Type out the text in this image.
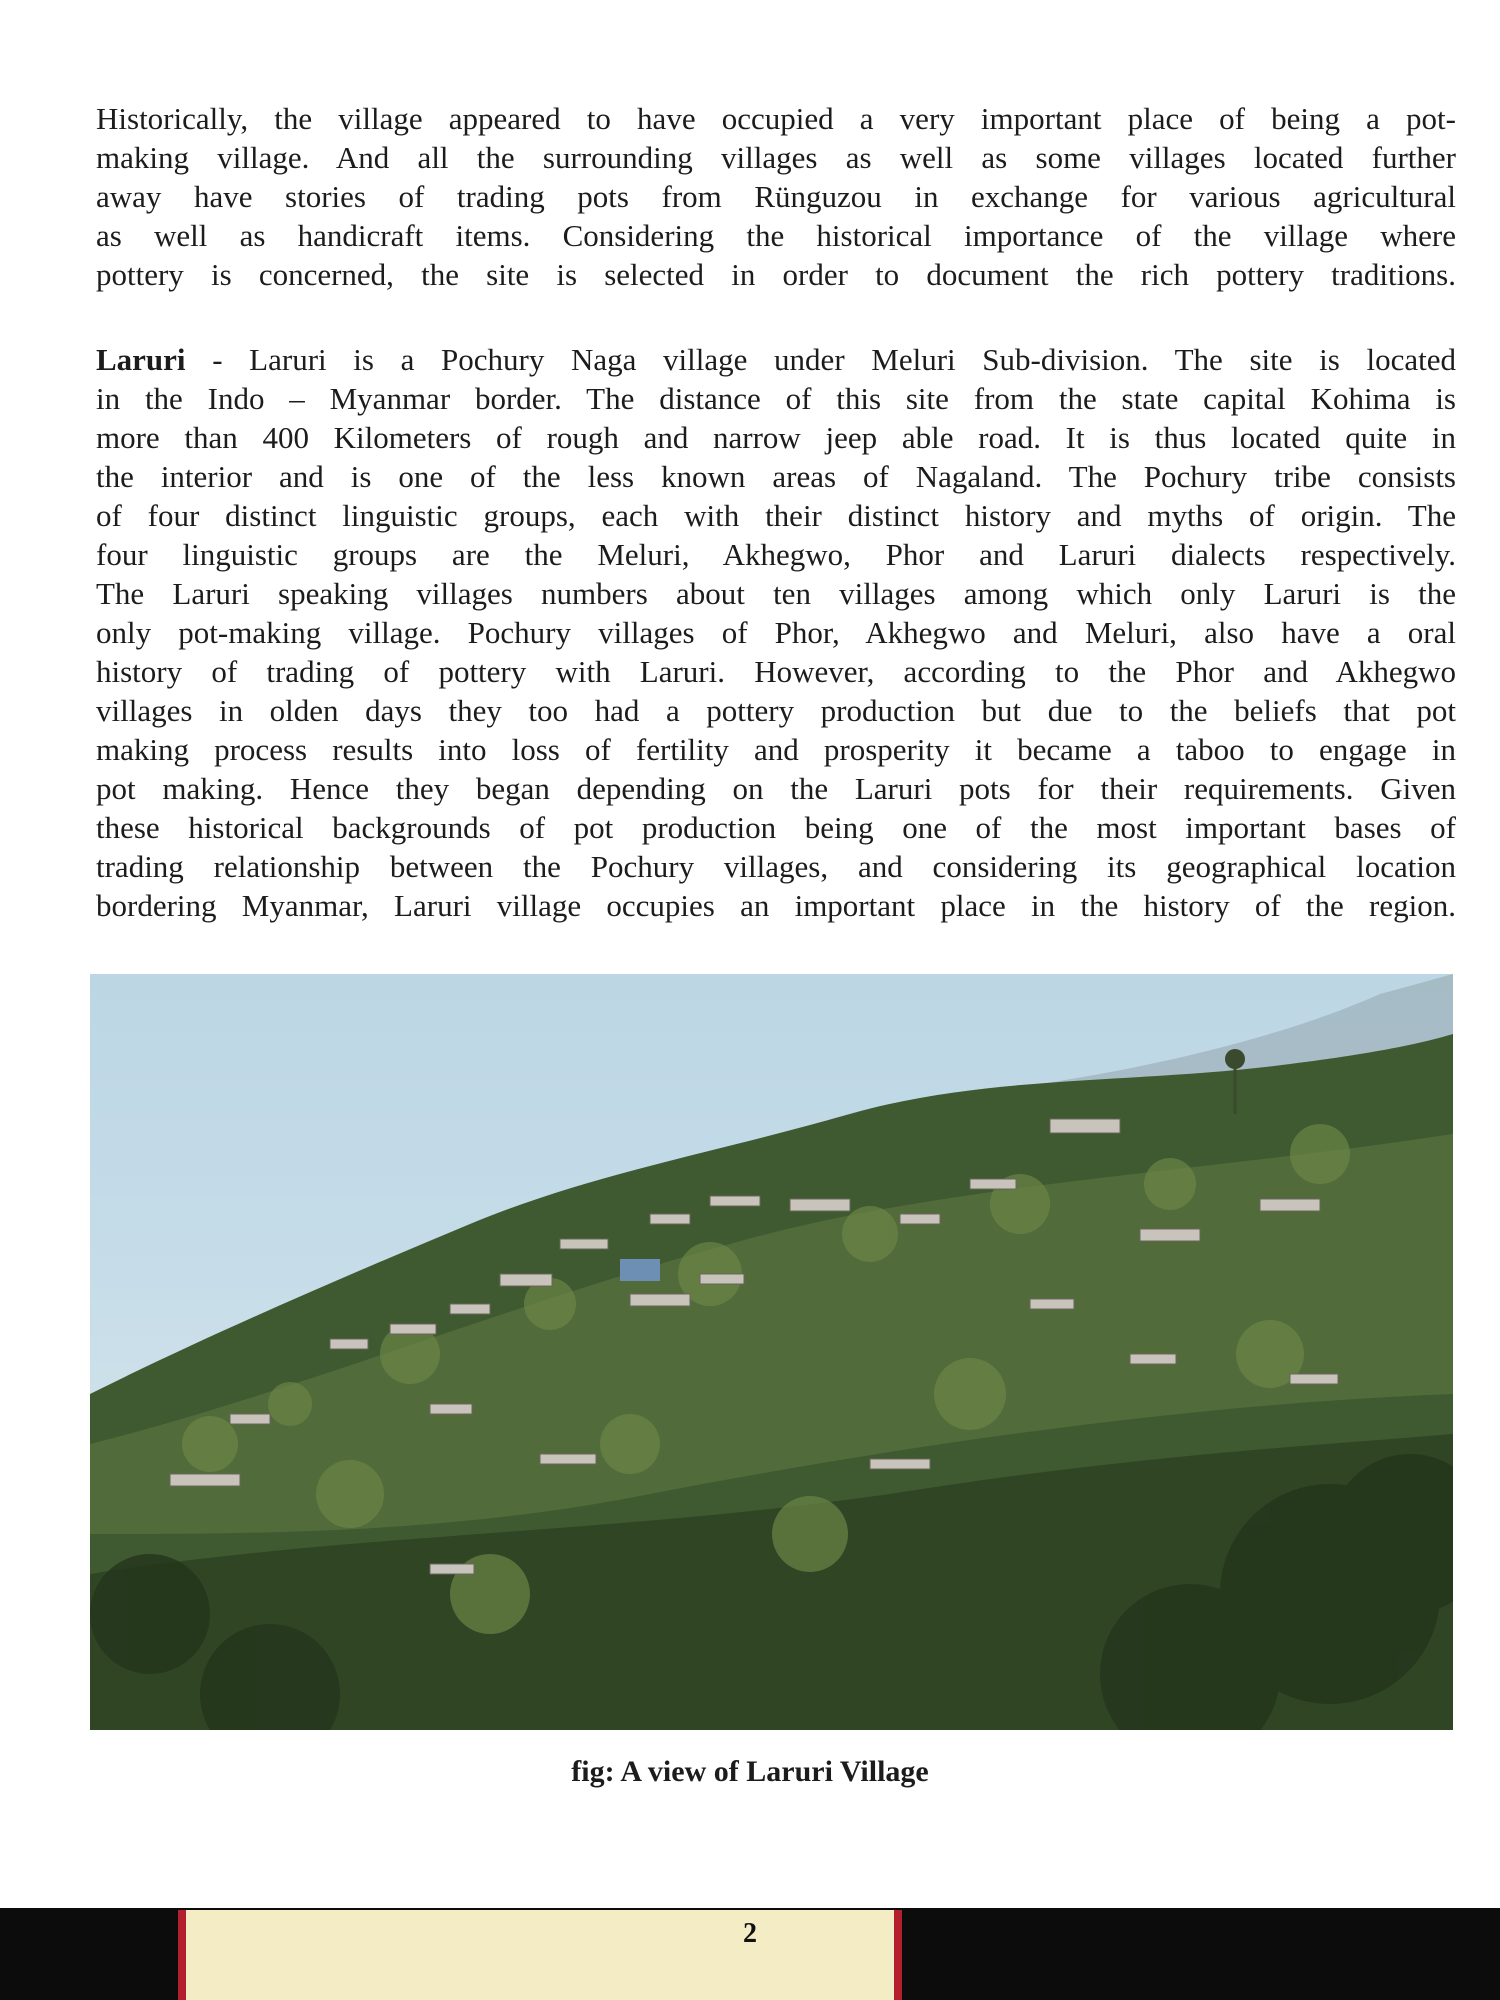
Historically, the village appeared to have occupied a very important place of being a pot-
making village. And all the surrounding villages as well as some villages located further
away have stories of trading pots from Rüngu​zou in exchange for various agricultural
as well as handicraft items. Considering the historical importance of the village where
pottery is concerned, the site is selected in order to document the rich pottery traditions.

Laruri - Laruri is a Pochury Naga village under Meluri Sub-division. The site is located
in the Indo – Myanmar border. The distance of this site from the state capital Kohima is
more than 400 Kilometers of rough and narrow jeep able road. It is thus located quite in
the interior and is one of the less known areas of Nagaland. The Pochury tribe consists
of four distinct linguistic groups, each with their distinct history and myths of origin. The
four linguistic groups are the Meluri, Akhegwo, Phor and Laruri dialects respectively.
The Laruri speaking villages numbers about ten villages among which only Laruri is the
only pot-making village. Pochury villages of Phor, Akhegwo and Meluri, also have a oral
history of trading of pottery with Laruri. However, according to the Phor and Akhegwo
villages in olden days they too had a pottery production but due to the beliefs that pot
making process results into loss of fertility and prosperity it became a taboo to engage in
pot making. Hence they began depending on the Laruri pots for their requirements. Given
these historical backgrounds of pot production being one of the most important bases of
trading relationship between the Pochury villages, and considering its geographical location
bordering Myanmar, Laruri village occupies an important place in the history of the region.

fig: A view of Laruri Village
2
